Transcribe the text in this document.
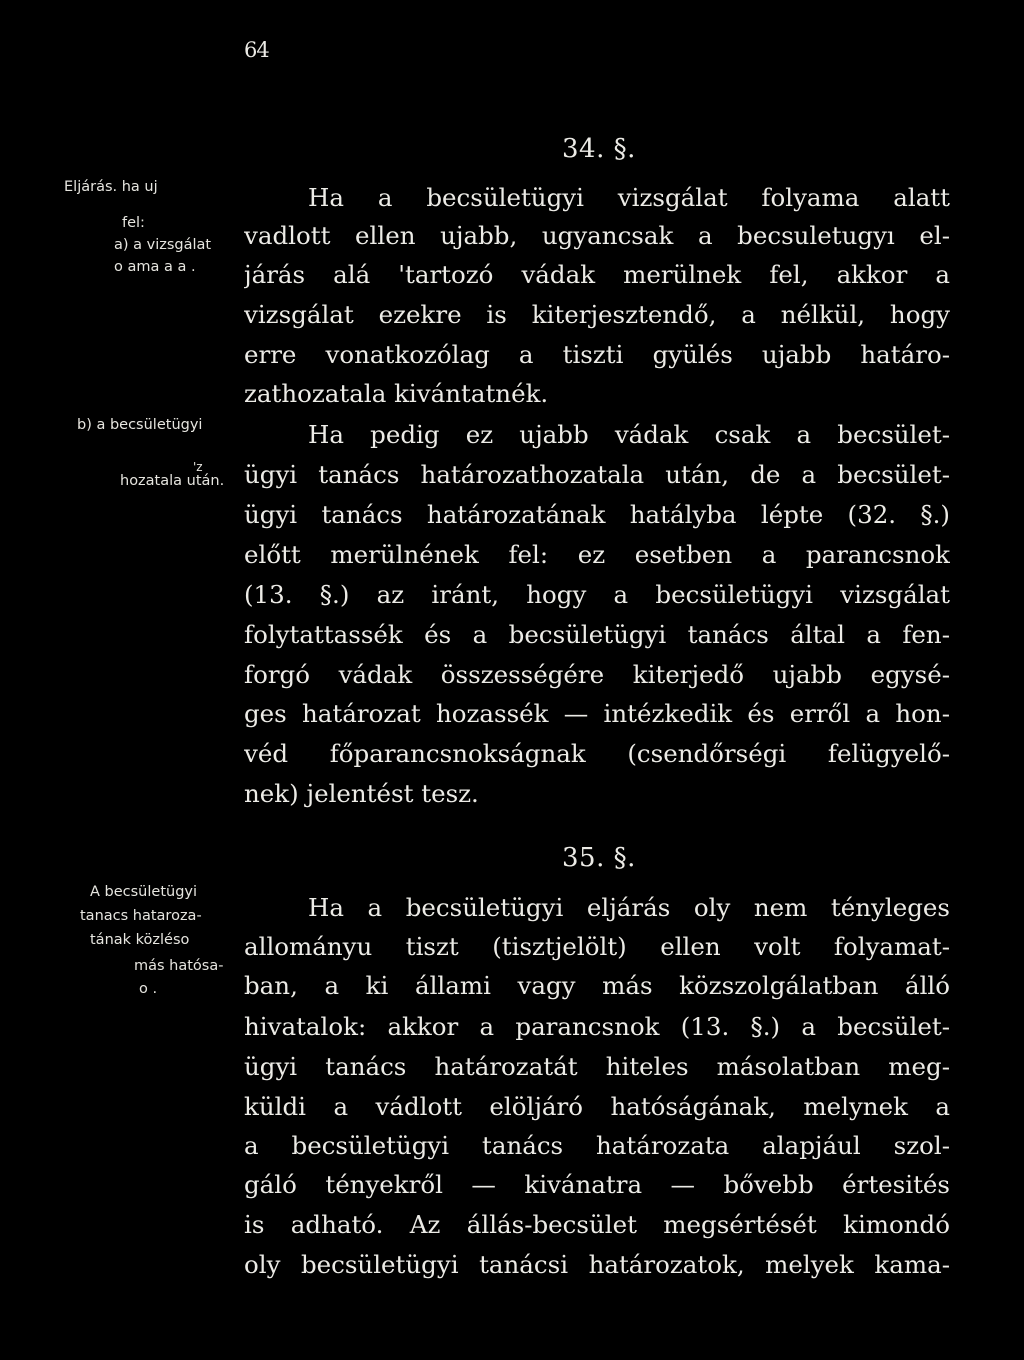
64
34. §.
Ha a becsületügyi vizsgálat folyama alatt
vadlott ellen ujabb, ugyancsak a becsuletugyı el-
járás alá 'tartozó vádak merülnek fel, akkor a
vizsgálat ezekre is kiterjesztendő, a nélkül, hogy
erre vonatkozólag a tiszti gyülés ujabb határo-
zathozatala kivántatnék.
Ha pedig ez ujabb vádak csak a becsület-
ügyi tanács határozathozatala után, de a becsület-
ügyi tanács határozatának hatályba lépte (32. §.)
előtt merülnének fel: ez esetben a parancsnok
(13. §.) az iránt, hogy a becsületügyi vizsgálat
folytattassék és a becsületügyi tanács által a fen-
forgó vádak összességére kiterjedő ujabb egysé-
ges határozat hozassék — intézkedik és erről a hon-
véd főparancsnokságnak (csendőrségi felügyelő-
nek) jelentést tesz.
35. §.
Ha a becsületügyi eljárás oly nem tényleges
allományu tiszt (tisztjelölt) ellen volt folyamat-
ban, a ki állami vagy más közszolgálatban álló
hivatalok: akkor a parancsnok (13. §.) a becsület-
ügyi tanács határozatát hiteles másolatban meg-
küldi a vádlott elöljáró hatóságának, melynek a
a becsületügyi tanács határozata alapjául szol-
gáló tényekről — kivánatra — bővebb értesités
is adható. Az állás-becsület megsértését kimondó
oly becsületügyi tanácsi határozatok, melyek kama-
Eljárás. ha uj
fel:
a) a vizsgálat
o ama a a .
b) a becsületügyi
'z
hozatala után.
A becsületügyi
tanacs hataroza-
tának közléso
más hatósa-
o .
